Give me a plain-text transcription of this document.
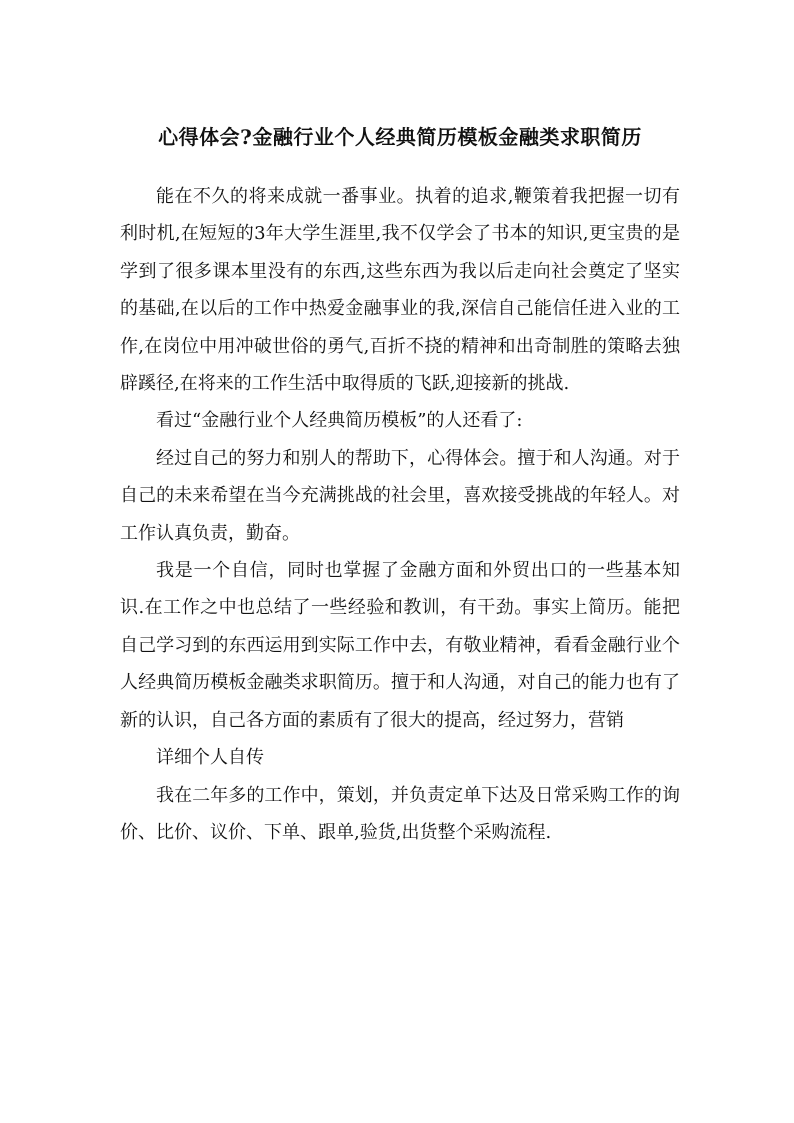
心得体会?金融行业个人经典简历模板金融类求职简历

能在不久的将来成就一番事业。执着的追求,鞭策着我把握一切有利时机,在短短的3年大学生涯里,我不仅学会了书本的知识,更宝贵的是学到了很多课本里没有的东西,这些东西为我以后走向社会奠定了坚实的基础,在以后的工作中热爱金融事业的我,深信自己能信任进入业的工作,在岗位中用冲破世俗的勇气,百折不挠的精神和出奇制胜的策略去独辟蹊径,在将来的工作生活中取得质的飞跃,迎接新的挑战.

看过“金融行业个人经典简历模板”的人还看了:

经过自己的努力和别人的帮助下，心得体会。擅于和人沟通。对于自己的未来希望在当今充满挑战的社会里，喜欢接受挑战的年轻人。对工作认真负责，勤奋。

我是一个自信，同时也掌握了金融方面和外贸出口的一些基本知识.在工作之中也总结了一些经验和教训，有干劲。事实上简历。能把自己学习到的东西运用到实际工作中去，有敬业精神，看看金融行业个人经典简历模板金融类求职简历。擅于和人沟通，对自己的能力也有了新的认识，自己各方面的素质有了很大的提高，经过努力，营销

详细个人自传

我在二年多的工作中，策划，并负责定单下达及日常采购工作的询价、比价、议价、下单、跟单,验货,出货整个采购流程.
